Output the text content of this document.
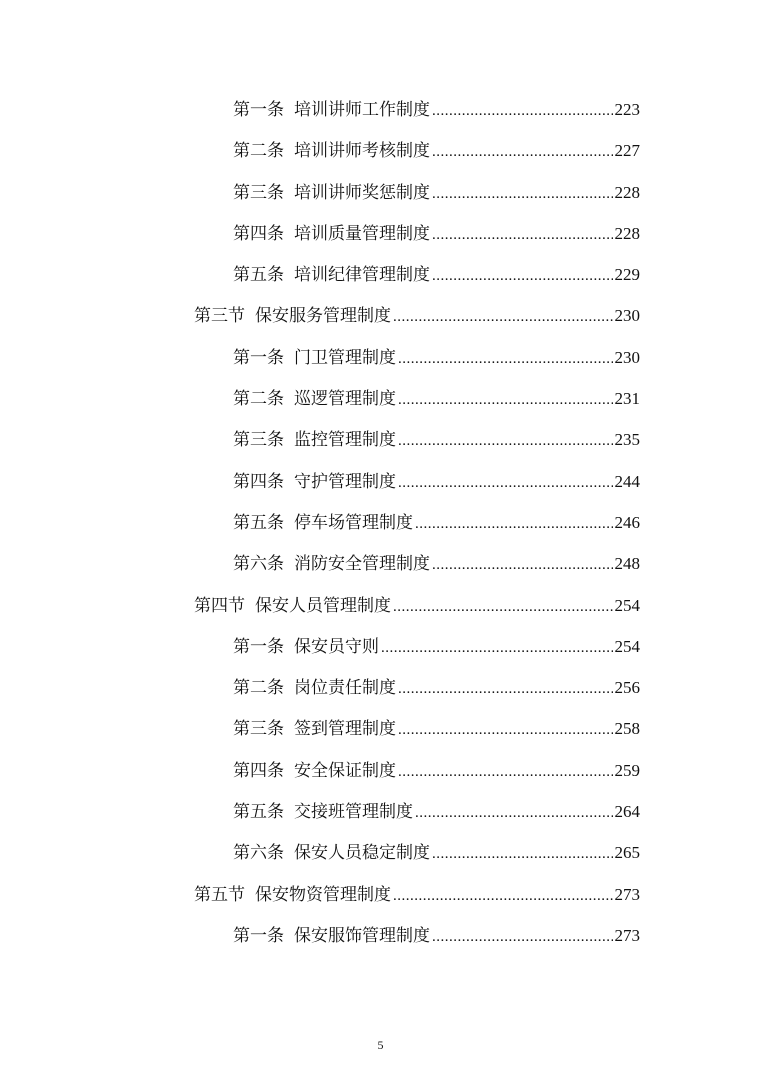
第一条 培训讲师工作制度 .....	223
第二条 培训讲师考核制度 .....	227
第三条 培训讲师奖惩制度 .....	228
第四条 培训质量管理制度 .....	228
第五条 培训纪律管理制度 .....	229
第三节 保安服务管理制度 .....	230
第一条 门卫管理制度 .....	230
第二条 巡逻管理制度 .....	231
第三条 监控管理制度 .....	235
第四条 守护管理制度 .....	244
第五条 停车场管理制度 .....	246
第六条 消防安全管理制度 .....	248
第四节 保安人员管理制度 .....	254
第一条 保安员守则 .....	254
第二条 岗位责任制度 .....	256
第三条 签到管理制度 .....	258
第四条 安全保证制度 .....	259
第五条 交接班管理制度 .....	264
第六条 保安人员稳定制度 .....	265
第五节 保安物资管理制度 .....	273
第一条 保安服饰管理制度 .....	273
5
